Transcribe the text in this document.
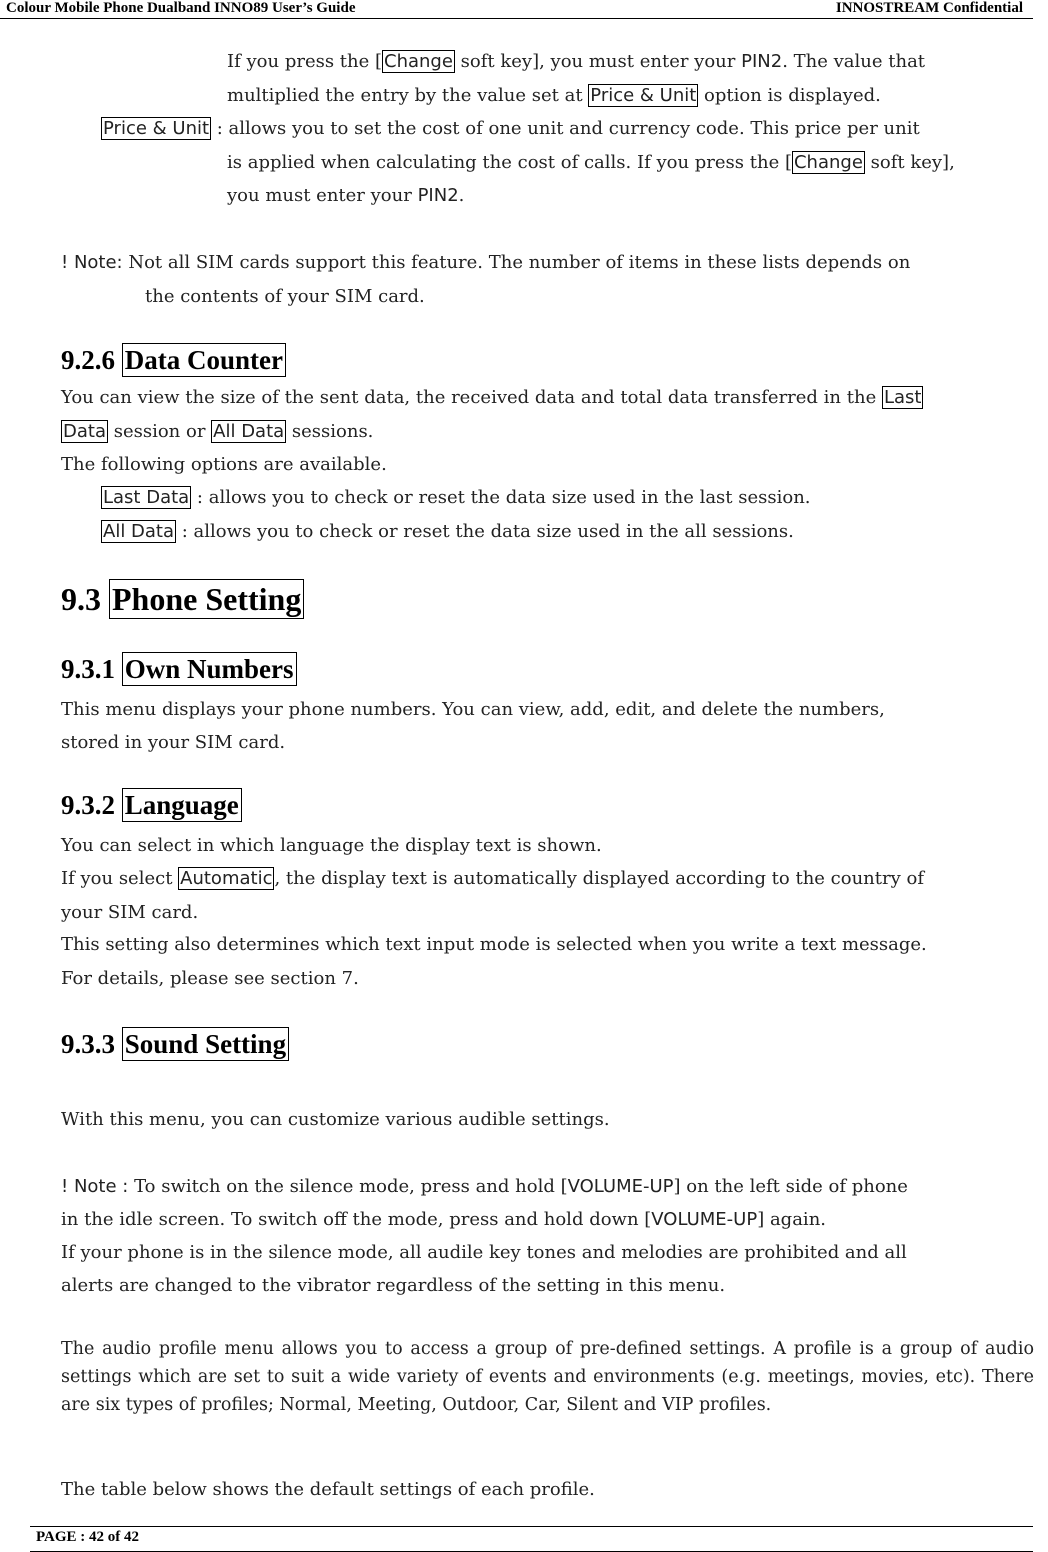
Colour Mobile Phone Dualband INNO89 User’s Guide	INNOSTREAM Confidential
If you press the [ Change soft key], you must enter your PIN2. The value that
multiplied the entry by the value set at Price & Unit option is displayed.
Price & Unit : allows you to set the cost of one unit and currency code. This price per unit
is applied when calculating the cost of calls. If you press the [ Change soft key],
you must enter your PIN2.
! Note: Not all SIM cards support this feature. The number of items in these lists depends on
the contents of your SIM card.
9.2.6 Data Counter
You can view the size of the sent data, the received data and total data transferred in the Last
Data session or All Data sessions.
The following options are available.
Last Data : allows you to check or reset the data size used in the last session.
All Data : allows you to check or reset the data size used in the all sessions.
9.3 Phone Setting
9.3.1 Own Numbers
This menu displays your phone numbers. You can view, add, edit, and delete the numbers,
stored in your SIM card.
9.3.2 Language
You can select in which language the display text is shown.
If you select Automatic , the display text is automatically displayed according to the country of
your SIM card.
This setting also determines which text input mode is selected when you write a text message.
For details, please see section 7.
9.3.3 Sound Setting
With this menu, you can customize various audible settings.
! Note : To switch on the silence mode, press and hold [VOLUME-UP] on the left side of phone
in the idle screen. To switch off the mode, press and hold down [VOLUME-UP] again.
If your phone is in the silence mode, all audile key tones and melodies are prohibited and all
alerts are changed to the vibrator regardless of the setting in this menu.
The audio profile menu allows you to access a group of pre-defined settings. A profile is a group of audio settings which are set to suit a wide variety of events and environments (e.g. meetings, movies, etc). There are six types of profiles; Normal, Meeting, Outdoor, Car, Silent and VIP profiles.
The table below shows the default settings of each profile.
PAGE : 42 of 42
